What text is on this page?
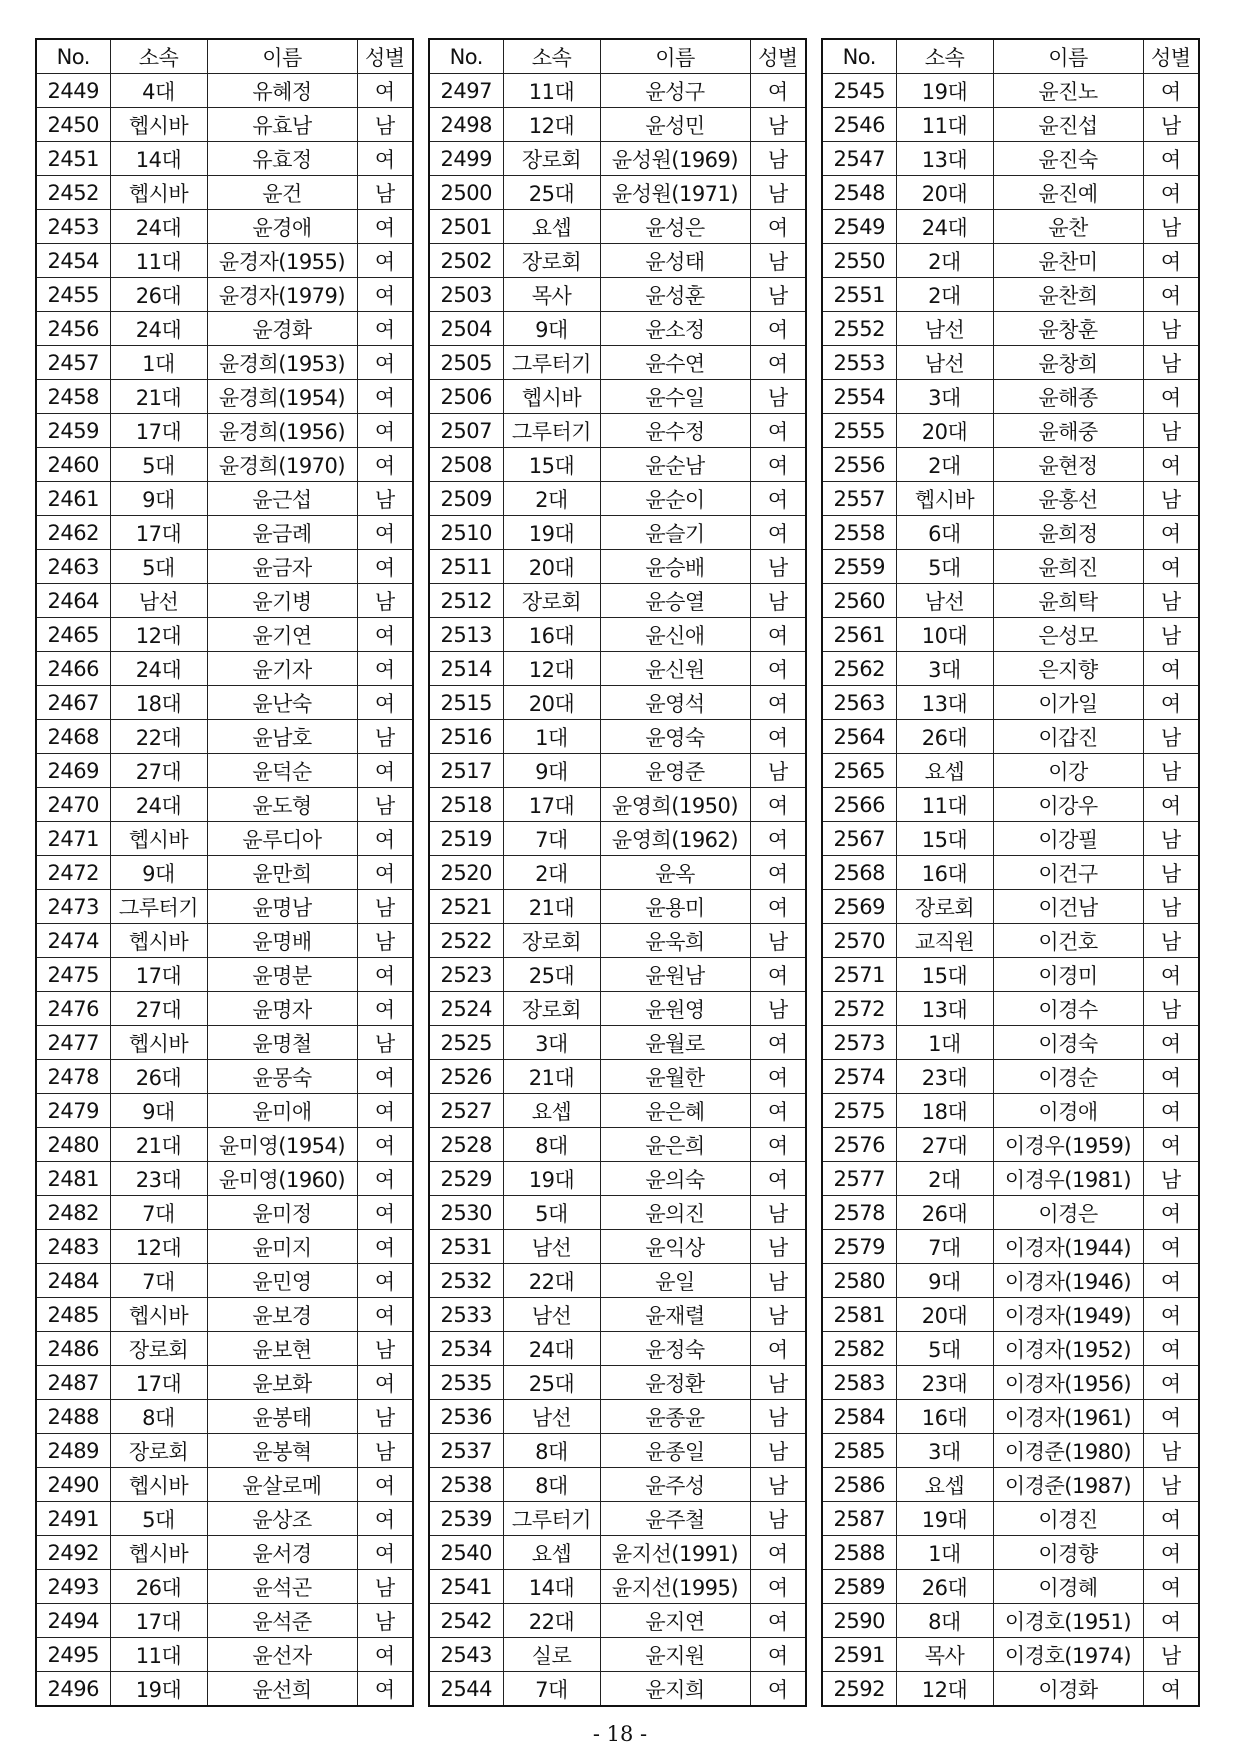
No.	소속	이름	성별
2449	4대	유혜정	여
2450	헵시바	유효남	남
2451	14대	유효정	여
2452	헵시바	윤건	남
2453	24대	윤경애	여
2454	11대	윤경자(1955)	여
2455	26대	윤경자(1979)	여
2456	24대	윤경화	여
2457	1대	윤경희(1953)	여
2458	21대	윤경희(1954)	여
2459	17대	윤경희(1956)	여
2460	5대	윤경희(1970)	여
2461	9대	윤근섭	남
2462	17대	윤금례	여
2463	5대	윤금자	여
2464	남선	윤기병	남
2465	12대	윤기연	여
2466	24대	윤기자	여
2467	18대	윤난숙	여
2468	22대	윤남호	남
2469	27대	윤덕순	여
2470	24대	윤도형	남
2471	헵시바	윤루디아	여
2472	9대	윤만희	여
2473	그루터기	윤명남	남
2474	헵시바	윤명배	남
2475	17대	윤명분	여
2476	27대	윤명자	여
2477	헵시바	윤명철	남
2478	26대	윤몽숙	여
2479	9대	윤미애	여
2480	21대	윤미영(1954)	여
2481	23대	윤미영(1960)	여
2482	7대	윤미정	여
2483	12대	윤미지	여
2484	7대	윤민영	여
2485	헵시바	윤보경	여
2486	장로회	윤보현	남
2487	17대	윤보화	여
2488	8대	윤봉태	남
2489	장로회	윤봉혁	남
2490	헵시바	윤살로메	여
2491	5대	윤상조	여
2492	헵시바	윤서경	여
2493	26대	윤석곤	남
2494	17대	윤석준	남
2495	11대	윤선자	여
2496	19대	윤선희	여
No.	소속	이름	성별
2497	11대	윤성구	여
2498	12대	윤성민	남
2499	장로회	윤성원(1969)	남
2500	25대	윤성원(1971)	남
2501	요셉	윤성은	여
2502	장로회	윤성태	남
2503	목사	윤성훈	남
2504	9대	윤소정	여
2505	그루터기	윤수연	여
2506	헵시바	윤수일	남
2507	그루터기	윤수정	여
2508	15대	윤순남	여
2509	2대	윤순이	여
2510	19대	윤슬기	여
2511	20대	윤승배	남
2512	장로회	윤승열	남
2513	16대	윤신애	여
2514	12대	윤신원	여
2515	20대	윤영석	여
2516	1대	윤영숙	여
2517	9대	윤영준	남
2518	17대	윤영희(1950)	여
2519	7대	윤영희(1962)	여
2520	2대	윤옥	여
2521	21대	윤용미	여
2522	장로회	윤욱희	남
2523	25대	윤원남	여
2524	장로회	윤원영	남
2525	3대	윤월로	여
2526	21대	윤월한	여
2527	요셉	윤은혜	여
2528	8대	윤은희	여
2529	19대	윤의숙	여
2530	5대	윤의진	남
2531	남선	윤익상	남
2532	22대	윤일	남
2533	남선	윤재렬	남
2534	24대	윤정숙	여
2535	25대	윤정환	남
2536	남선	윤종윤	남
2537	8대	윤종일	남
2538	8대	윤주성	남
2539	그루터기	윤주철	남
2540	요셉	윤지선(1991)	여
2541	14대	윤지선(1995)	여
2542	22대	윤지연	여
2543	실로	윤지원	여
2544	7대	윤지희	여
No.	소속	이름	성별
2545	19대	윤진노	여
2546	11대	윤진섭	남
2547	13대	윤진숙	여
2548	20대	윤진예	여
2549	24대	윤찬	남
2550	2대	윤찬미	여
2551	2대	윤찬희	여
2552	남선	윤창훈	남
2553	남선	윤창희	남
2554	3대	윤해종	여
2555	20대	윤해중	남
2556	2대	윤현정	여
2557	헵시바	윤홍선	남
2558	6대	윤희정	여
2559	5대	윤희진	여
2560	남선	윤희탁	남
2561	10대	은성모	남
2562	3대	은지향	여
2563	13대	이가일	여
2564	26대	이갑진	남
2565	요셉	이강	남
2566	11대	이강우	여
2567	15대	이강필	남
2568	16대	이건구	남
2569	장로회	이건남	남
2570	교직원	이건호	남
2571	15대	이경미	여
2572	13대	이경수	남
2573	1대	이경숙	여
2574	23대	이경순	여
2575	18대	이경애	여
2576	27대	이경우(1959)	여
2577	2대	이경우(1981)	남
2578	26대	이경은	여
2579	7대	이경자(1944)	여
2580	9대	이경자(1946)	여
2581	20대	이경자(1949)	여
2582	5대	이경자(1952)	여
2583	23대	이경자(1956)	여
2584	16대	이경자(1961)	여
2585	3대	이경준(1980)	남
2586	요셉	이경준(1987)	남
2587	19대	이경진	여
2588	1대	이경향	여
2589	26대	이경혜	여
2590	8대	이경호(1951)	여
2591	목사	이경호(1974)	남
2592	12대	이경화	여
- 18 -
